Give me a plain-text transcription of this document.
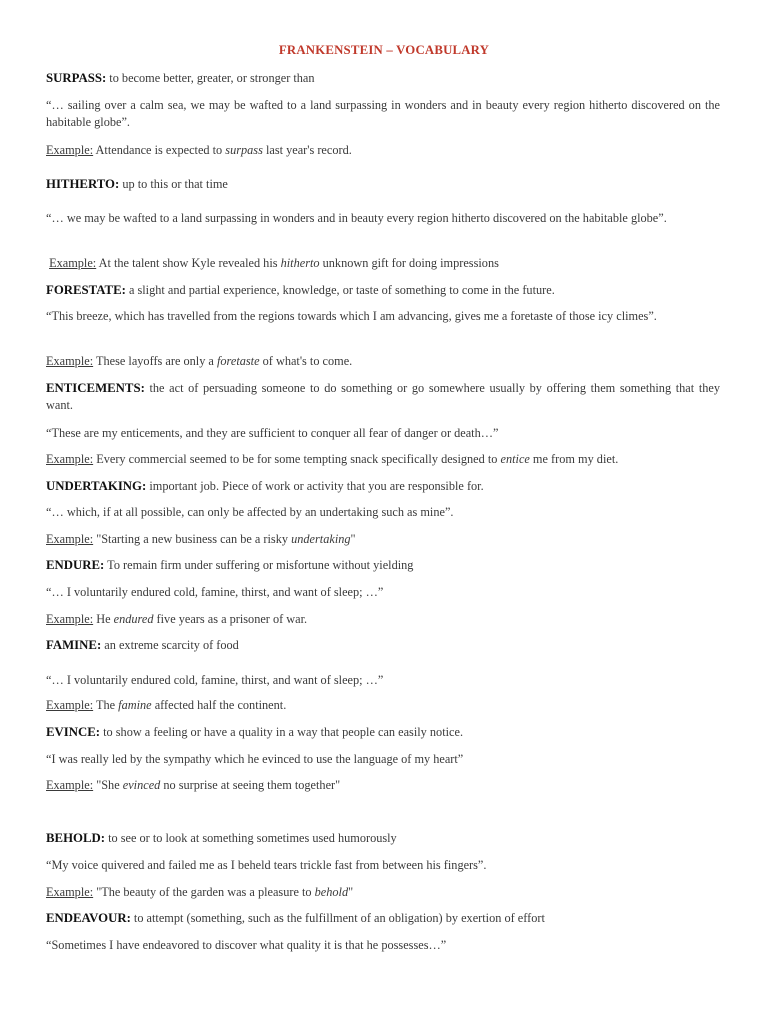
FRANKENSTEIN – VOCABULARY
SURPASS: to become better, greater, or stronger than
“… sailing over a calm sea, we may be wafted to a land surpassing in wonders and in beauty every region hitherto discovered on the habitable globe”.
Example: Attendance is expected to surpass last year's record.
HITHERTO: up to this or that time
“… we may be wafted to a land surpassing in wonders and in beauty every region hitherto discovered on the habitable globe”.
Example: At the talent show Kyle revealed his hitherto unknown gift for doing impressions
FORESTATE: a slight and partial experience, knowledge, or taste of something to come in the future.
“This breeze, which has travelled from the regions towards which I am advancing, gives me a foretaste of those icy climes”.
Example: These layoffs are only a foretaste of what's to come.
ENTICEMENTS: the act of persuading someone to do something or go somewhere usually by offering them something that they want.
“These are my enticements, and they are sufficient to conquer all fear of danger or death…”
Example: Every commercial seemed to be for some tempting snack specifically designed to entice me from my diet.
UNDERTAKING: important job. Piece of work or activity that you are responsible for.
“… which, if at all possible, can only be affected by an undertaking such as mine”.
Example: "Starting a new business can be a risky undertaking"
ENDURE: To remain firm under suffering or misfortune without yielding
“… I voluntarily endured cold, famine, thirst, and want of sleep; …”
Example: He endured five years as a prisoner of war.
FAMINE: an extreme scarcity of food
“… I voluntarily endured cold, famine, thirst, and want of sleep; …”
Example: The famine affected half the continent.
EVINCE: to show a feeling or have a quality in a way that people can easily notice.
“I was really led by the sympathy which he evinced to use the language of my heart”
Example: "She evinced no surprise at seeing them together"
BEHOLD: to see or to look at something sometimes used humorously
“My voice quivered and failed me as I beheld tears trickle fast from between his fingers”.
Example: "The beauty of the garden was a pleasure to behold"
ENDEAVOUR: to attempt (something, such as the fulfillment of an obligation) by exertion of effort
“Sometimes I have endeavored to discover what quality it is that he possesses…”
